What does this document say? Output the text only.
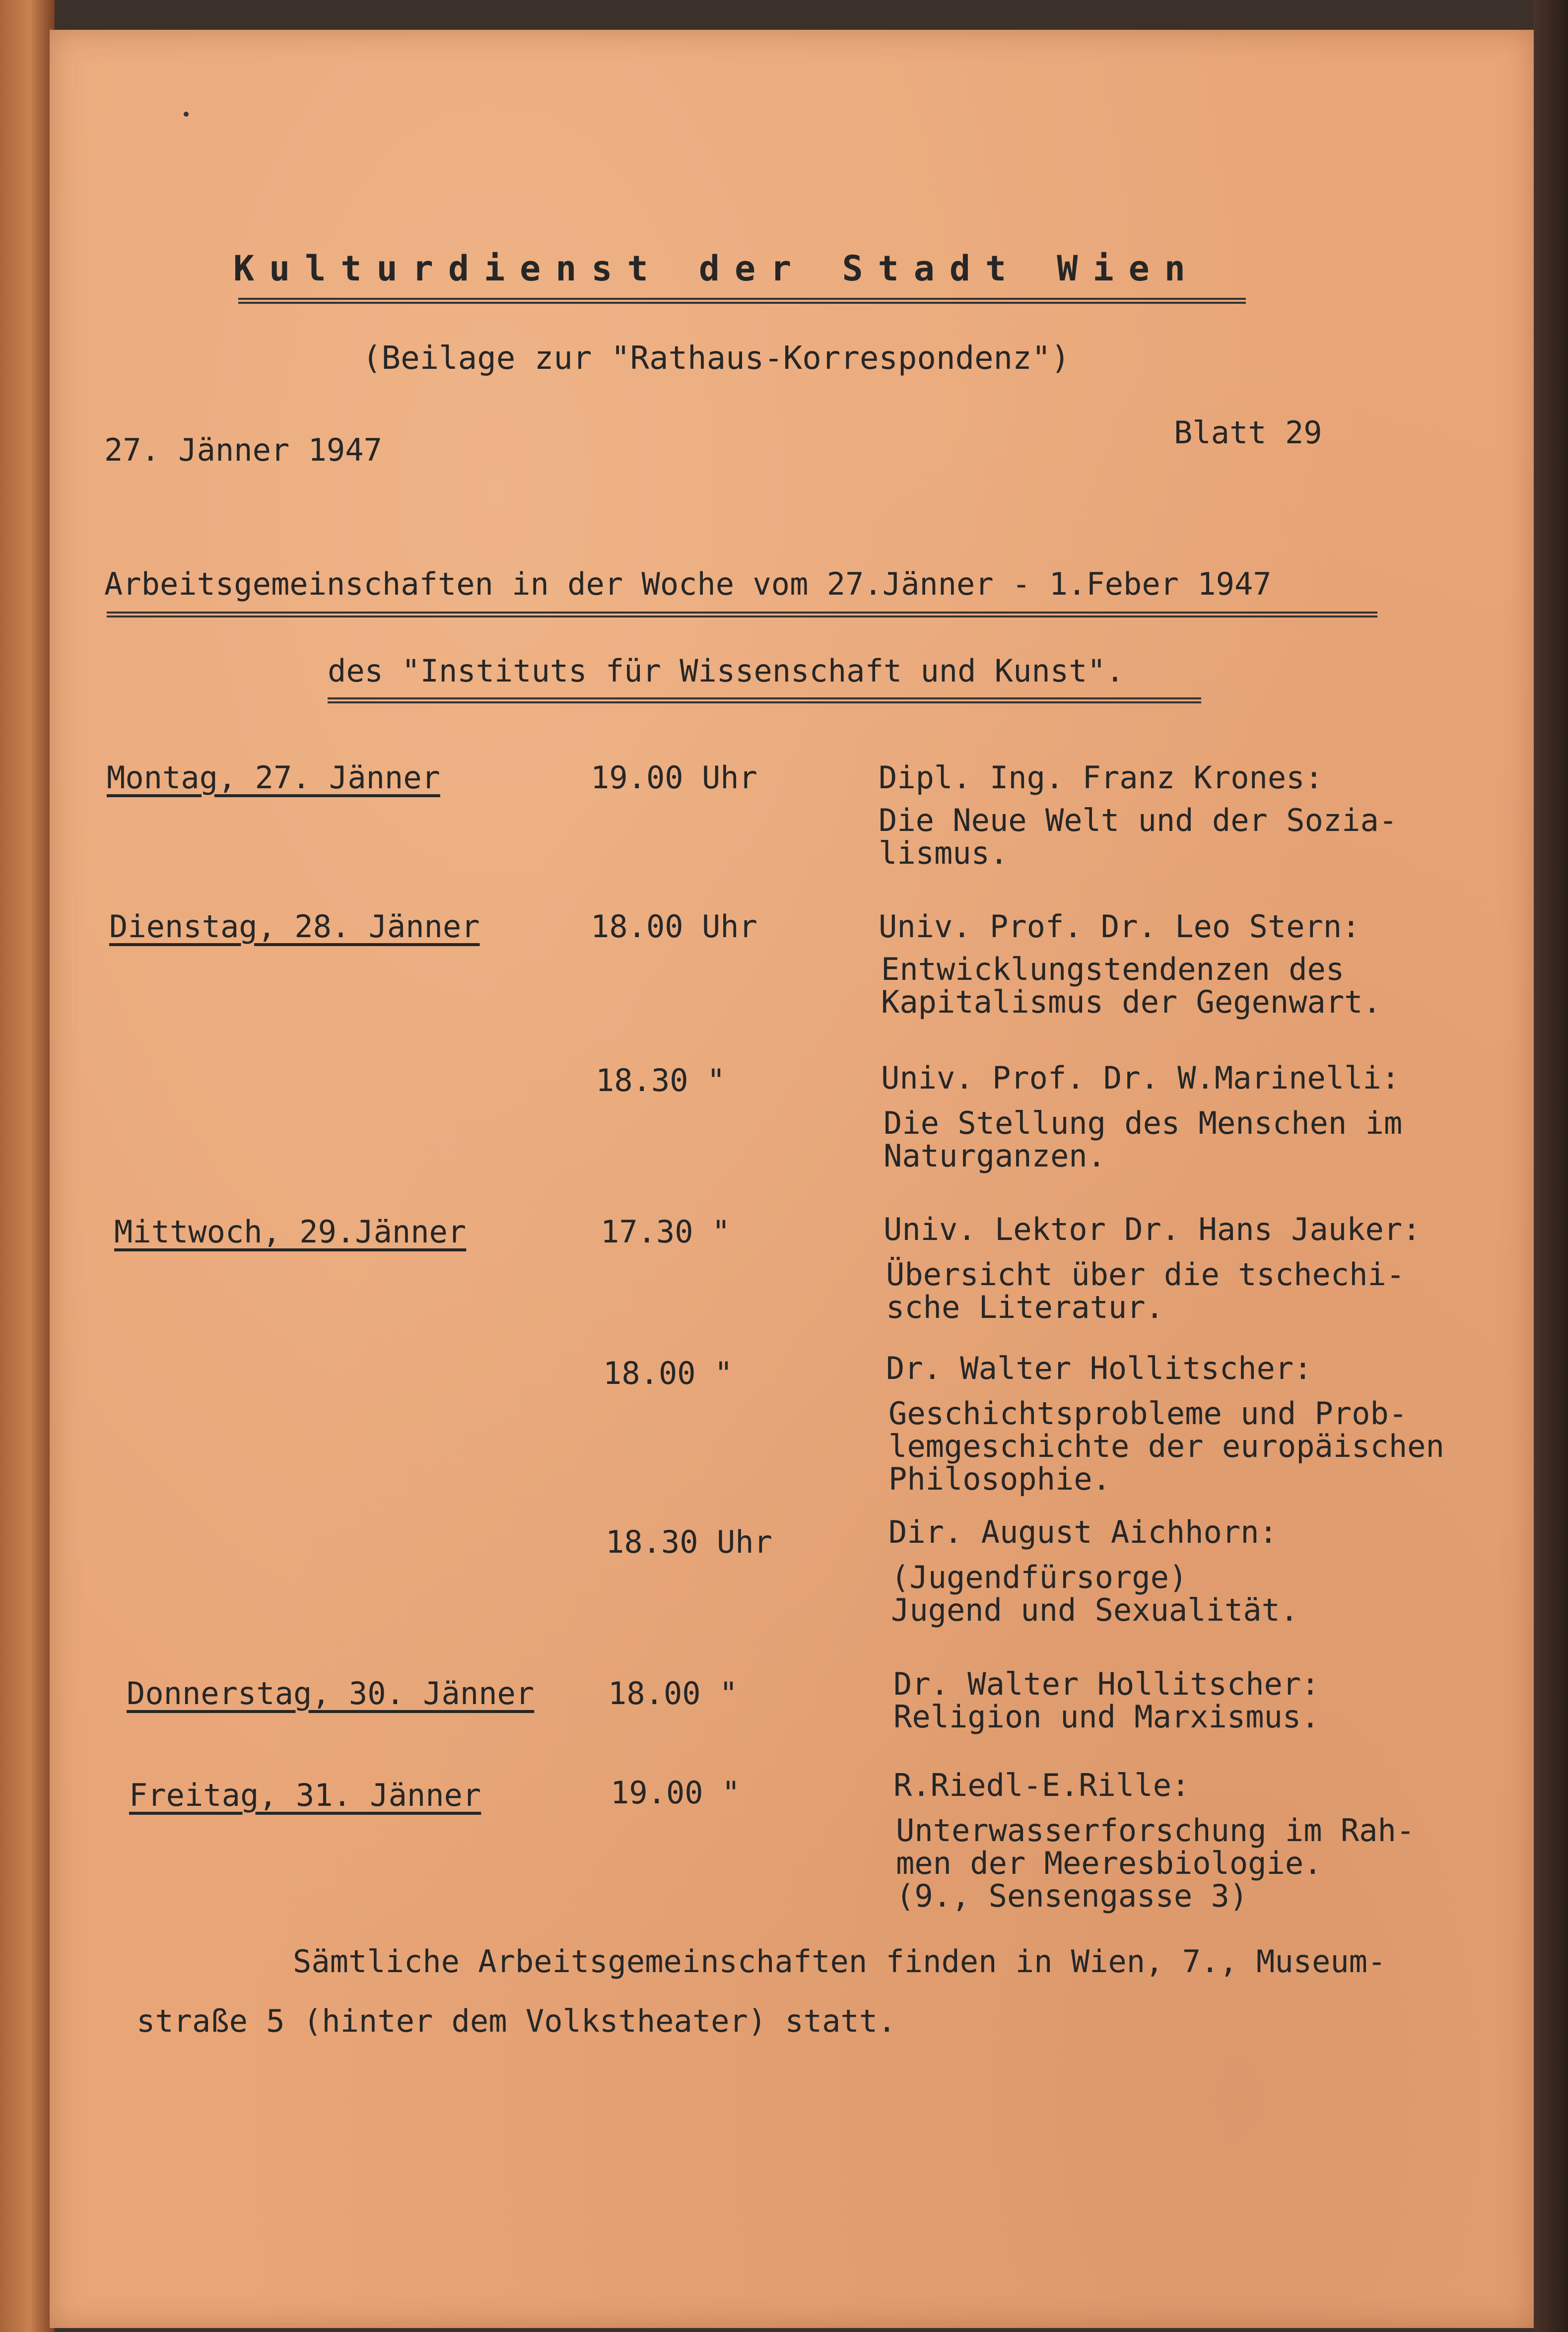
Kulturdienst der Stadt Wien
(Beilage zur "Rathaus-Korrespondenz")
27. Jänner 1947	Blatt 29
Arbeitsgemeinschaften in der Woche vom 27.Jänner - 1.Feber 1947
des "Instituts für Wissenschaft und Kunst".
Montag, 27. Jänner	19.00 Uhr	Dipl. Ing. Franz Krones:
Die Neue Welt und der Sozia-
lismus.
Dienstag, 28. Jänner	18.00 Uhr	Univ. Prof. Dr. Leo Stern:
Entwicklungstendenzen des
Kapitalismus der Gegenwart.
18.30 "	Univ. Prof. Dr. W.Marinelli:
Die Stellung des Menschen im
Naturganzen.
Mittwoch, 29.Jänner	17.30 "	Univ. Lektor Dr. Hans Jauker:
Übersicht über die tschechi-
sche Literatur.
18.00 "	Dr. Walter Hollitscher:
Geschichtsprobleme und Prob-
lemgeschichte der europäischen
Philosophie.
18.30 Uhr	Dir. August Aichhorn:
(Jugendfürsorge)
Jugend und Sexualität.
Donnerstag, 30. Jänner 18.00 "	Dr. Walter Hollitscher:
Religion und Marxismus.
Freitag, 31. Jänner	19.00 "	R.Riedl-E.Rille:
Unterwasserforschung im Rah-
men der Meeresbiologie.
(9., Sensengasse 3)
Sämtliche Arbeitsgemeinschaften finden in Wien, 7., Museum-
straße 5 (hinter dem Volkstheater) statt.
